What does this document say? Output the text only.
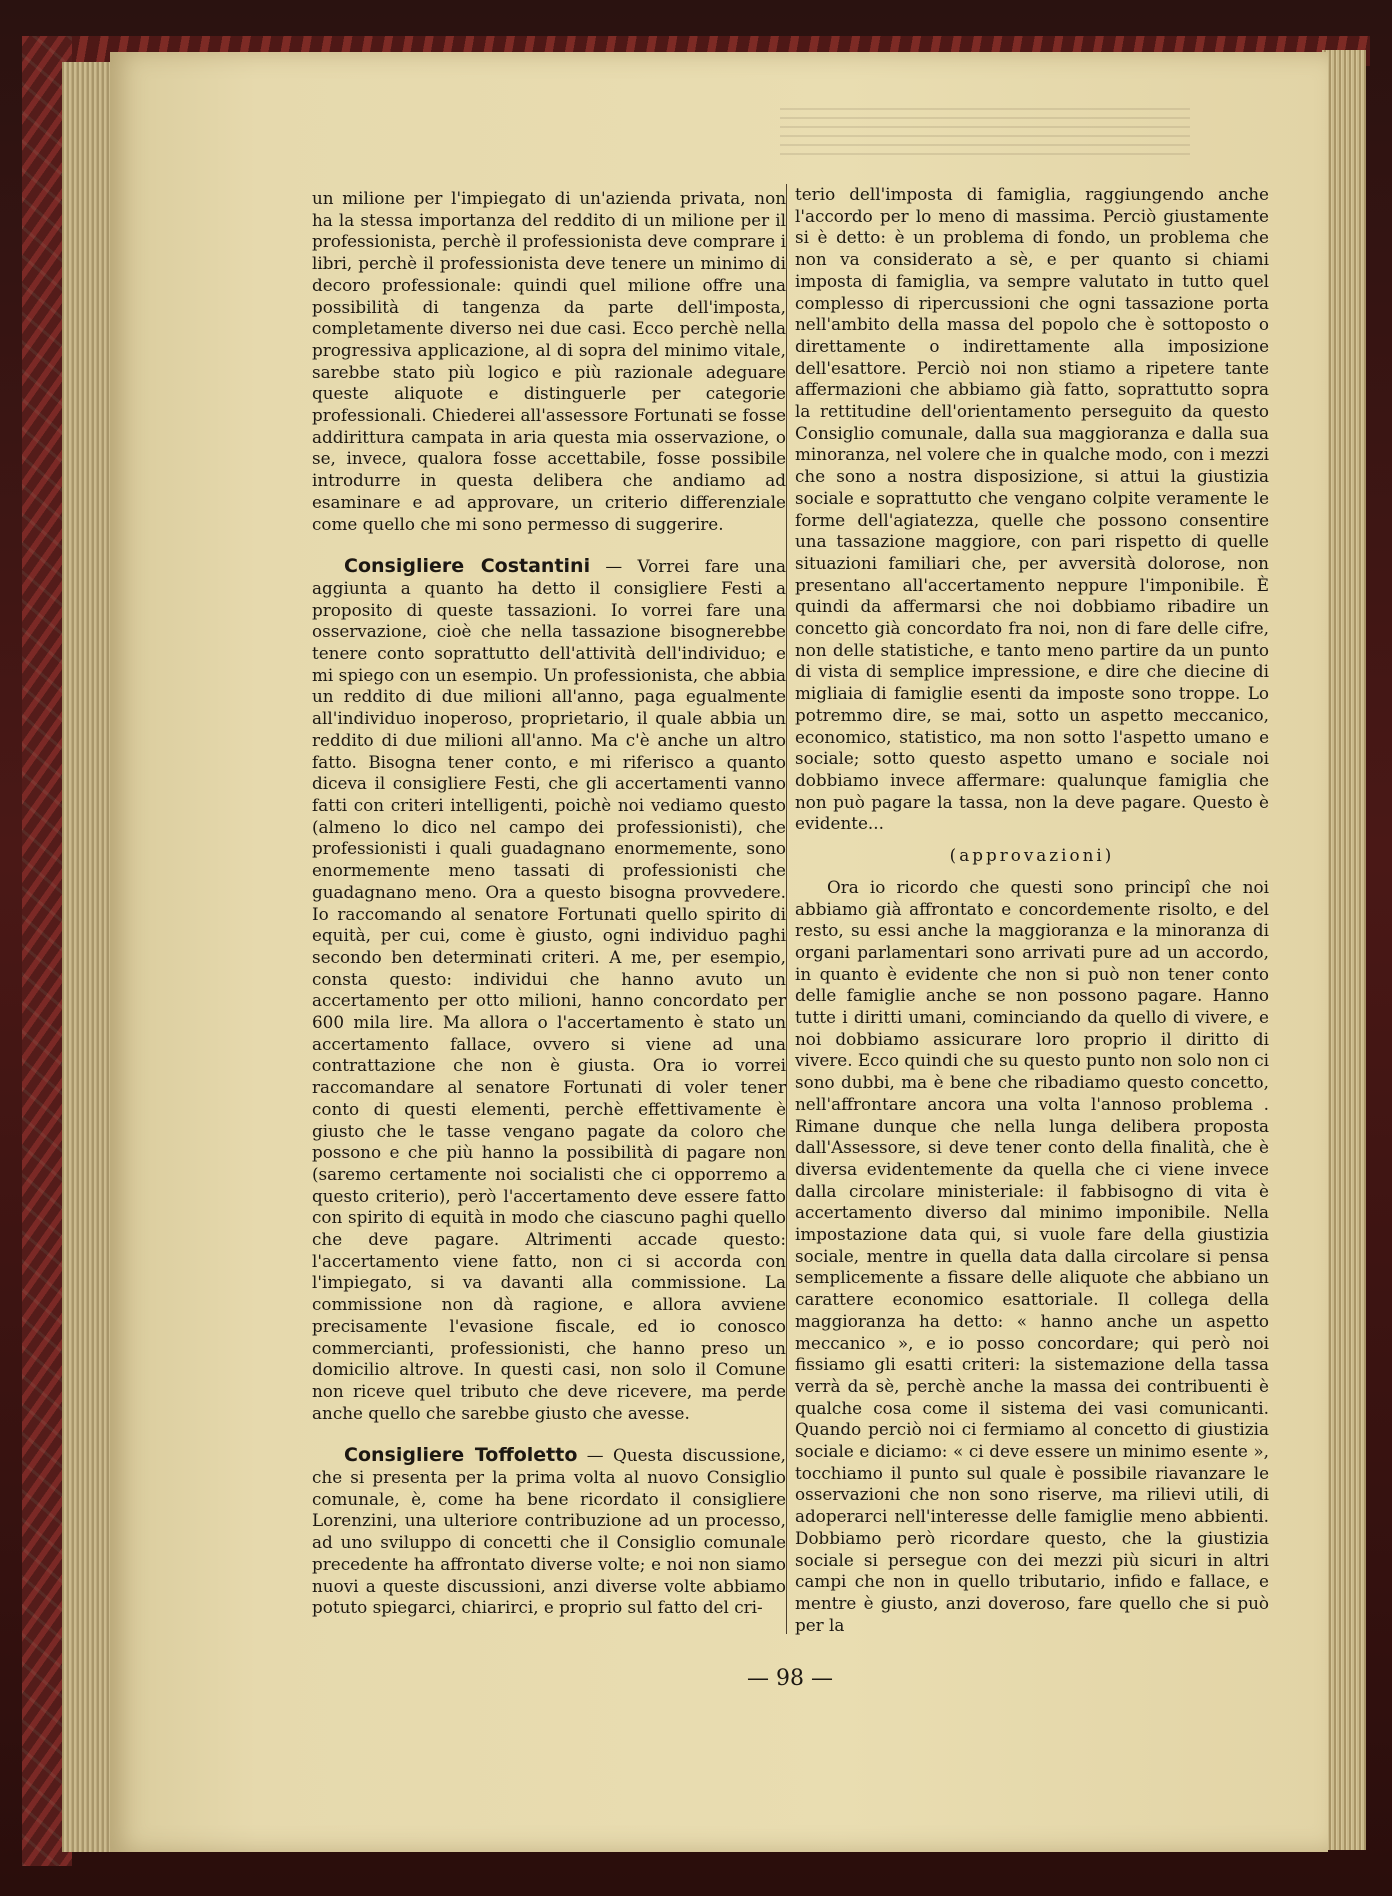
un milione per l'impiegato di un'azienda privata, non ha la stessa importanza del reddito di un milione per il professionista, perchè il professionista deve comprare i libri, perchè il professionista deve tenere un minimo di decoro professionale: quindi quel milione offre una possibilità di tangenza da parte dell'imposta, completamente diverso nei due casi. Ecco perchè nella progressiva applicazione, al di sopra del minimo vitale, sarebbe stato più logico e più razionale adeguare queste aliquote e distinguerle per categorie professionali. Chiederei all'assessore Fortunati se fosse addirittura campata in aria questa mia osservazione, o se, invece, qualora fosse accettabile, fosse possibile introdurre in questa delibera che andiamo ad esaminare e ad approvare, un criterio differenziale come quello che mi sono permesso di suggerire.

Consigliere Costantini — Vorrei fare una aggiunta a quanto ha detto il consigliere Festi a proposito di queste tassazioni. Io vorrei fare una osservazione, cioè che nella tassazione bisognerebbe tenere conto soprattutto dell'attività dell'individuo; e mi spiego con un esempio. Un professionista, che abbia un reddito di due milioni all'anno, paga egualmente all'individuo inoperoso, proprietario, il quale abbia un reddito di due milioni all'anno. Ma c'è anche un altro fatto. Bisogna tener conto, e mi riferisco a quanto diceva il consigliere Festi, che gli accertamenti vanno fatti con criteri intelligenti, poichè noi vediamo questo (almeno lo dico nel campo dei professionisti), che professionisti i quali guadagnano enormemente, sono enormemente meno tassati di professionisti che guadagnano meno. Ora a questo bisogna provvedere. Io raccomando al senatore Fortunati quello spirito di equità, per cui, come è giusto, ogni individuo paghi secondo ben determinati criteri. A me, per esempio, consta questo: individui che hanno avuto un accertamento per otto milioni, hanno concordato per 600 mila lire. Ma allora o l'accertamento è stato un accertamento fallace, ovvero si viene ad una contrattazione che non è giusta. Ora io vorrei raccomandare al senatore Fortunati di voler tener conto di questi elementi, perchè effettivamente è giusto che le tasse vengano pagate da coloro che possono e che più hanno la possibilità di pagare non (saremo certamente noi socialisti che ci opporremo a questo criterio), però l'accertamento deve essere fatto con spirito di equità in modo che ciascuno paghi quello che deve pagare. Altrimenti accade questo: l'accertamento viene fatto, non ci si accorda con l'impiegato, si va davanti alla commissione. La commissione non dà ragione, e allora avviene precisamente l'evasione fiscale, ed io conosco commercianti, professionisti, che hanno preso un domicilio altrove. In questi casi, non solo il Comune non riceve quel tributo che deve ricevere, ma perde anche quello che sarebbe giusto che avesse.

Consigliere Toffoletto — Questa discussione, che si presenta per la prima volta al nuovo Consiglio comunale, è, come ha bene ricordato il consigliere Lorenzini, una ulteriore contribuzione ad un processo, ad uno sviluppo di concetti che il Consiglio comunale precedente ha affrontato diverse volte; e noi non siamo nuovi a queste discussioni, anzi diverse volte abbiamo potuto spiegarci, chiarirci, e proprio sul fatto del cri-

terio dell'imposta di famiglia, raggiungendo anche l'accordo per lo meno di massima. Perciò giustamente si è detto: è un problema di fondo, un problema che non va considerato a sè, e per quanto si chiami imposta di famiglia, va sempre valutato in tutto quel complesso di ripercussioni che ogni tassazione porta nell'ambito della massa del popolo che è sottoposto o direttamente o indirettamente alla imposizione dell'esattore. Perciò noi non stiamo a ripetere tante affermazioni che abbiamo già fatto, soprattutto sopra la rettitudine dell'orientamento perseguito da questo Consiglio comunale, dalla sua maggioranza e dalla sua minoranza, nel volere che in qualche modo, con i mezzi che sono a nostra disposizione, si attui la giustizia sociale e soprattutto che vengano colpite veramente le forme dell'agiatezza, quelle che possono consentire una tassazione maggiore, con pari rispetto di quelle situazioni familiari che, per avversità dolorose, non presentano all'accertamento neppure l'imponibile. È quindi da affermarsi che noi dobbiamo ribadire un concetto già concordato fra noi, non di fare delle cifre, non delle statistiche, e tanto meno partire da un punto di vista di semplice impressione, e dire che diecine di migliaia di famiglie esenti da imposte sono troppe. Lo potremmo dire, se mai, sotto un aspetto meccanico, economico, statistico, ma non sotto l'aspetto umano e sociale; sotto questo aspetto umano e sociale noi dobbiamo invece affermare: qualunque famiglia che non può pagare la tassa, non la deve pagare. Questo è evidente...

(approvazioni)

Ora io ricordo che questi sono principî che noi abbiamo già affrontato e concordemente risolto, e del resto, su essi anche la maggioranza e la minoranza di organi parlamentari sono arrivati pure ad un accordo, in quanto è evidente che non si può non tener conto delle famiglie anche se non possono pagare. Hanno tutte i diritti umani, cominciando da quello di vivere, e noi dobbiamo assicurare loro proprio il diritto di vivere. Ecco quindi che su questo punto non solo non ci sono dubbi, ma è bene che ribadiamo questo concetto, nell'affrontare ancora una volta l'annoso problema . Rimane dunque che nella lunga delibera proposta dall'Assessore, si deve tener conto della finalità, che è diversa evidentemente da quella che ci viene invece dalla circolare ministeriale: il fabbisogno di vita è accertamento diverso dal minimo imponibile. Nella impostazione data qui, si vuole fare della giustizia sociale, mentre in quella data dalla circolare si pensa semplicemente a fissare delle aliquote che abbiano un carattere economico esattoriale. Il collega della maggioranza ha detto: « hanno anche un aspetto meccanico », e io posso concordare; qui però noi fissiamo gli esatti criteri: la sistemazione della tassa verrà da sè, perchè anche la massa dei contribuenti è qualche cosa come il sistema dei vasi comunicanti. Quando perciò noi ci fermiamo al concetto di giustizia sociale e diciamo: « ci deve essere un minimo esente », tocchiamo il punto sul quale è possibile riavanzare le osservazioni che non sono riserve, ma rilievi utili, di adoperarci nell'interesse delle famiglie meno abbienti. Dobbiamo però ricordare questo, che la giustizia sociale si persegue con dei mezzi più sicuri in altri campi che non in quello tributario, infido e fallace, e mentre è giusto, anzi doveroso, fare quello che si può per la

— 98 —
